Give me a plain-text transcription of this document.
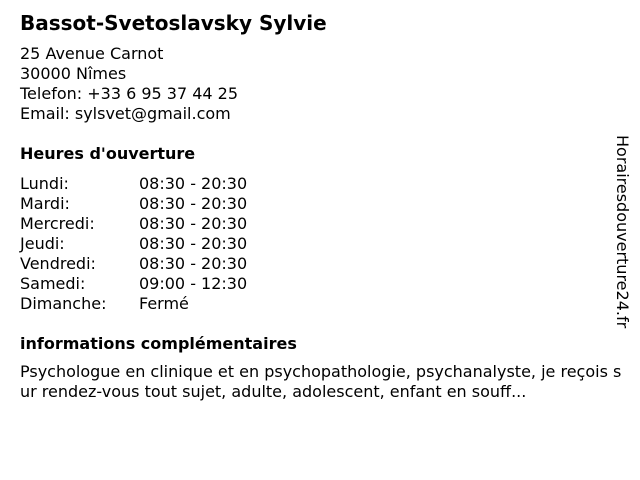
Bassot-Svetoslavsky Sylvie
25 Avenue Carnot
30000 Nîmes
Telefon: +33 6 95 37 44 25
Email: sylsvet@gmail.com
Heures d'ouverture
Lundi:	08:30 - 20:30
Mardi:	08:30 - 20:30
Mercredi:	08:30 - 20:30
Jeudi:	08:30 - 20:30
Vendredi:	08:30 - 20:30
Samedi:	09:00 - 12:30
Dimanche:	Fermé
informations complémentaires
Psychologue en clinique et en psychopathologie, psychanalyste, je reçois sur rendez-vous tout sujet, adulte, adolescent, enfant en souff...
Horairesdouverture24.fr
